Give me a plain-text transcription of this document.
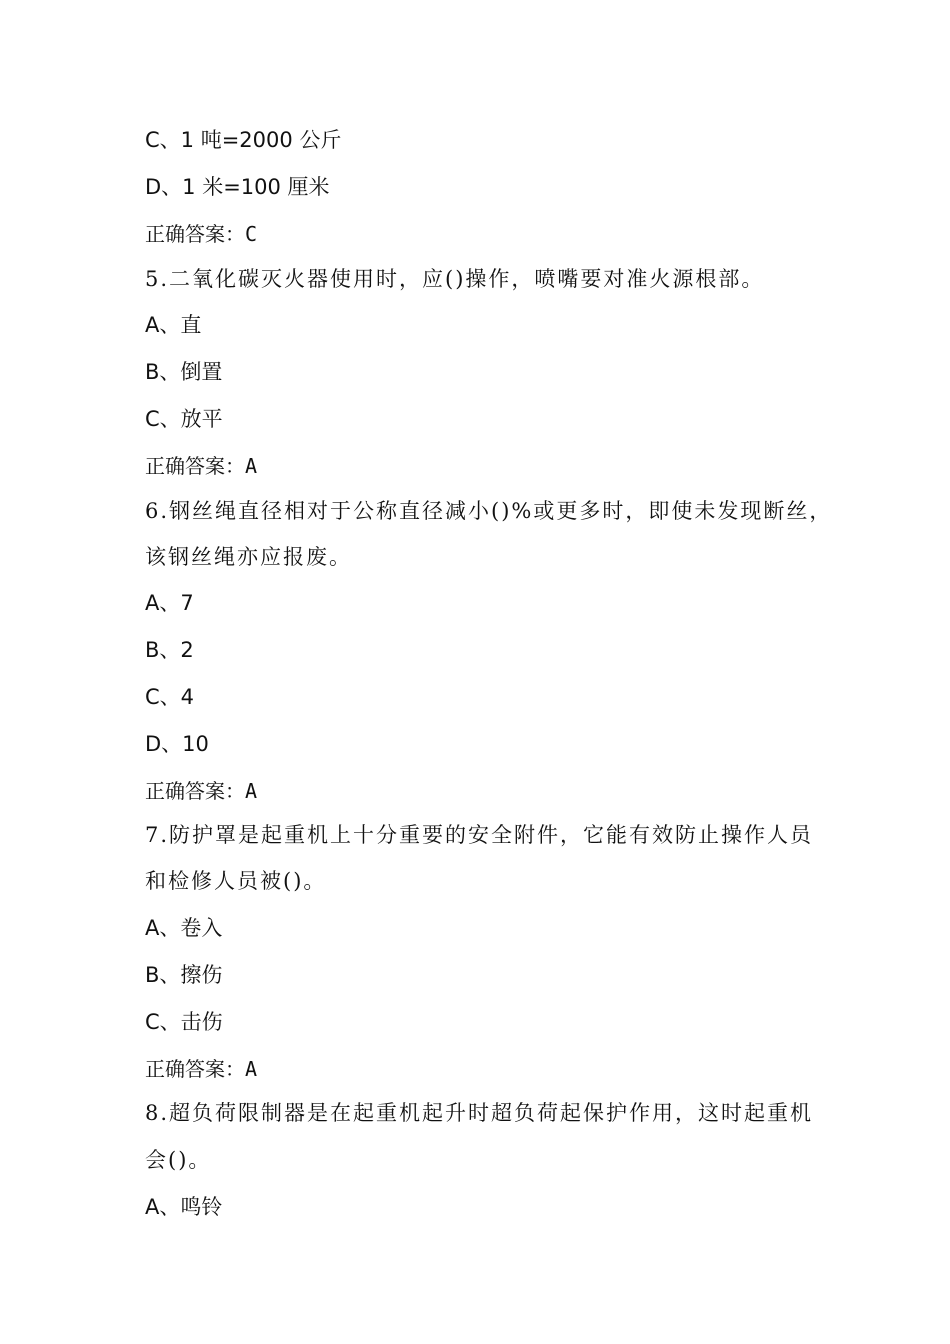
C、1 吨=2000 公斤
D、1 米=100 厘米
正确答案：C
5.二氧化碳灭火器使用时，应()操作，喷嘴要对准火源根部。
A、直
B、倒置
C、放平
正确答案：A
6.钢丝绳直径相对于公称直径减小()%或更多时，即使未发现断丝，
该钢丝绳亦应报废。
A、7
B、2
C、4
D、10
正确答案：A
7.防护罩是起重机上十分重要的安全附件，它能有效防止操作人员
和检修人员被()。
A、卷入
B、擦伤
C、击伤
正确答案：A
8.超负荷限制器是在起重机起升时超负荷起保护作用，这时起重机
会()。
A、鸣铃
